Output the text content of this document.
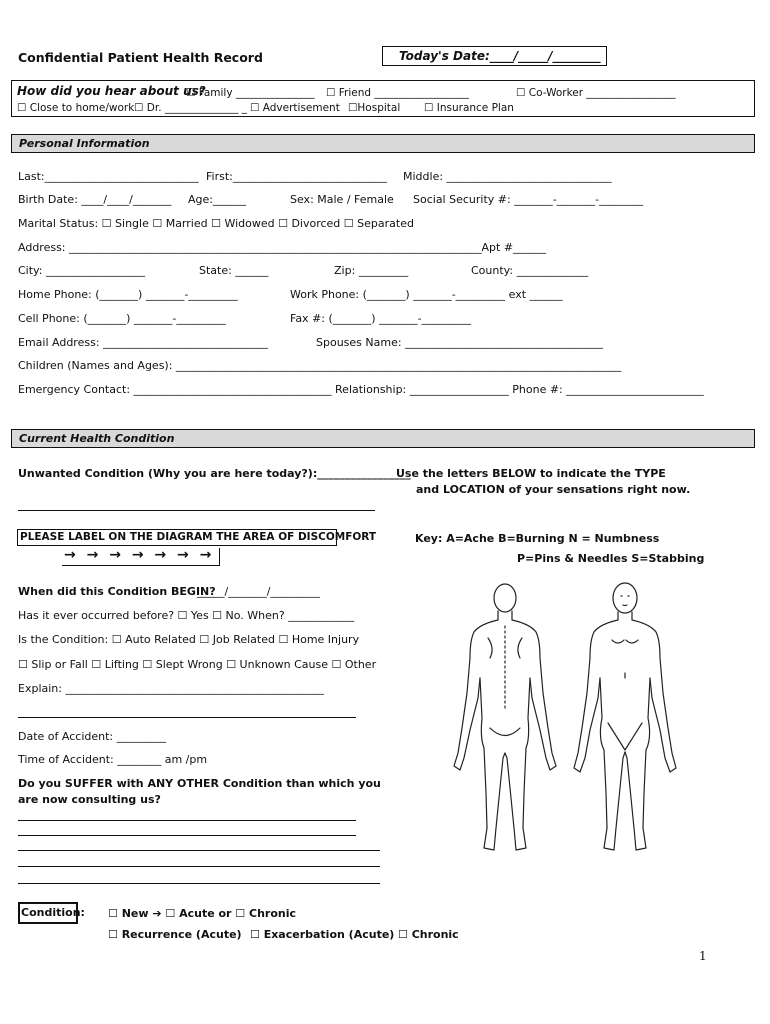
Confidential Patient Health Record	Today's Date:____/_____/________
How did you hear about us?
☐ Family _______________ ☐ Friend __________________	☐ Co-Worker _________________
☐ Close to home/work ☐ Dr. ______________ _ ☐ Advertisement ☐Hospital ☐ Insurance Plan
Personal Information
Last:____________________________ First:____________________________ Middle: ______________________________
Birth Date: ____/____/_______ Age:______	Sex: Male / Female Social Security #: _______-_______-________
Marital Status: ☐ Single ☐ Married ☐ Widowed ☐ Divorced ☐ Separated
Address: ___________________________________________________________________________Apt #______
City: __________________	State: ______	Zip: _________	County: _____________
Home Phone: (_______) _______-_________	Work Phone: (_______) _______-_________ ext ______
Cell Phone: (_______) _______-_________	Fax #: (_______) _______-_________
Email Address: ______________________________	Spouses Name: ____________________________________
Children (Names and Ages): _________________________________________________________________________________
Emergency Contact: ____________________________________ Relationship: __________________ Phone #: _________________________
Current Health Condition
Unwanted Condition (Why you are here today?):_________________
Use the letters BELOW to indicate the TYPE
and LOCATION of your sensations right now.
PLEASE LABEL ON THE DIAGRAM THE AREA OF DISCOMFORT
→ → → → → → →
Key: A=Ache B=Burning N = Numbness
P=Pins & Needles S=Stabbing
When did this Condition BEGIN?
_____/_______/_________
Has it ever occurred before? ☐ Yes ☐ No. When? ____________
Is the Condition: ☐ Auto Related ☐ Job Related ☐ Home Injury
☐ Slip or Fall ☐ Lifting ☐ Slept Wrong ☐ Unknown Cause ☐ Other
Explain: _______________________________________________
Date of Accident: _________
Time of Accident: ________ am /pm
Do you SUFFER with ANY OTHER Condition than which you
are now consulting us?
Condition: ☐ New ➔ ☐ Acute or ☐ Chronic
☐ Recurrence (Acute) ☐ Exacerbation (Acute) ☐ Chronic
1
